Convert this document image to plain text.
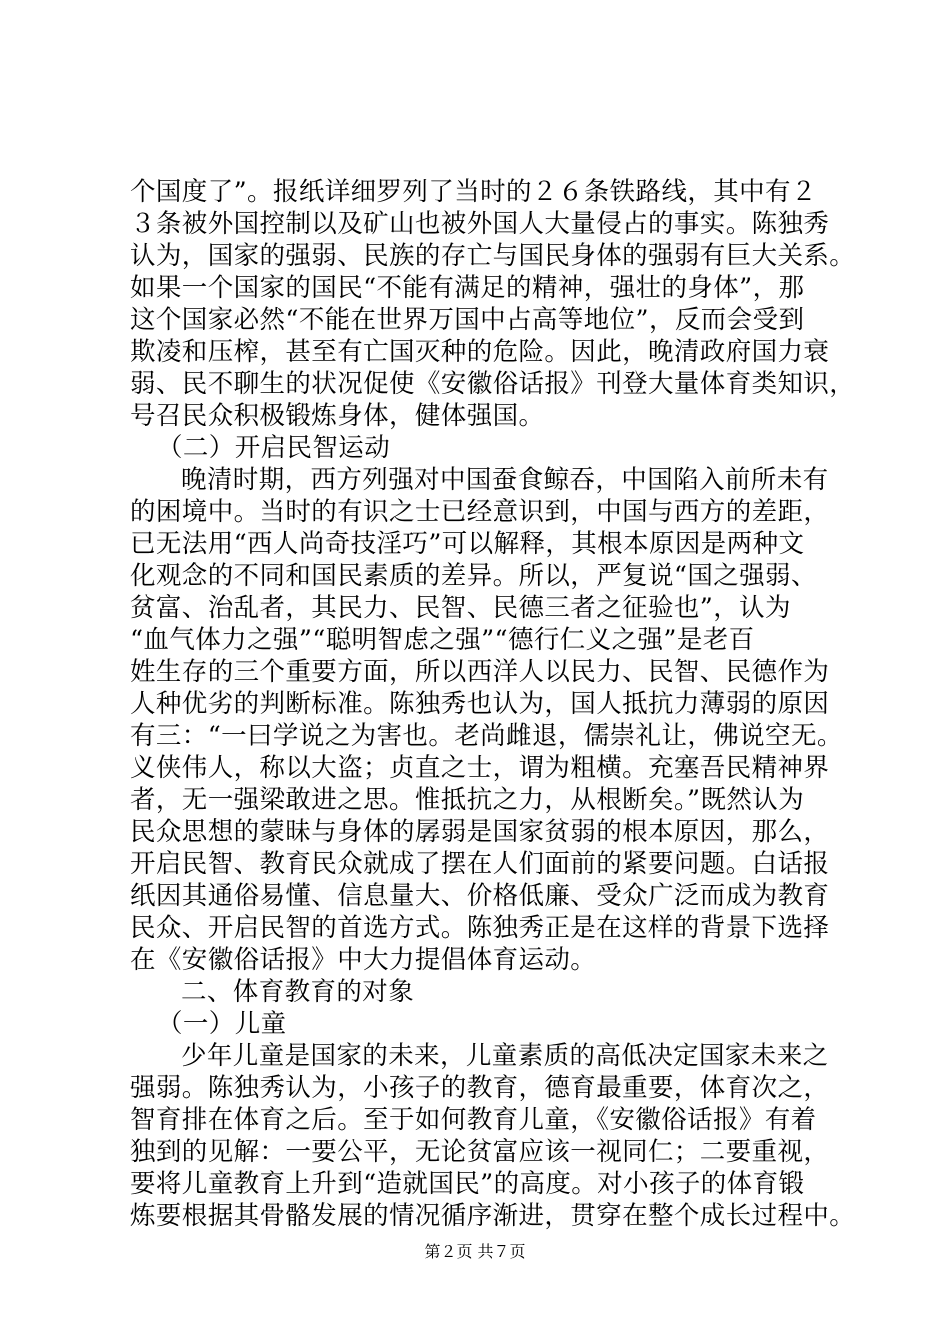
个国度了”。报纸详细罗列了当时的２６条铁路线，其中有２
３条被外国控制以及矿山也被外国人大量侵占的事实。陈独秀
认为，国家的强弱、民族的存亡与国民身体的强弱有巨大关系。
如果一个国家的国民“不能有满足的精神，强壮的身体”，那
这个国家必然“不能在世界万国中占高等地位”，反而会受到
欺凌和压榨，甚至有亡国灭种的危险。因此，晚清政府国力衰
弱、民不聊生的状况促使《安徽俗话报》刊登大量体育类知识，
号召民众积极锻炼身体，健体强国。
（二）开启民智运动
晚清时期，西方列强对中国蚕食鲸吞，中国陷入前所未有
的困境中。当时的有识之士已经意识到，中国与西方的差距，
已无法用“西人尚奇技淫巧”可以解释，其根本原因是两种文
化观念的不同和国民素质的差异。所以，严复说“国之强弱、
贫富、治乱者，其民力、民智、民德三者之征验也”，认为
“血气体力之强”“聪明智虑之强”“德行仁义之强”是老百
姓生存的三个重要方面，所以西洋人以民力、民智、民德作为
人种优劣的判断标准。陈独秀也认为，国人抵抗力薄弱的原因
有三：“一曰学说之为害也。老尚雌退，儒崇礼让，佛说空无。
义侠伟人，称以大盗；贞直之士，谓为粗横。充塞吾民精神界
者，无一强梁敢进之思。惟抵抗之力，从根断矣。”既然认为
民众思想的蒙昧与身体的孱弱是国家贫弱的根本原因，那么，
开启民智、教育民众就成了摆在人们面前的紧要问题。白话报
纸因其通俗易懂、信息量大、价格低廉、受众广泛而成为教育
民众、开启民智的首选方式。陈独秀正是在这样的背景下选择
在《安徽俗话报》中大力提倡体育运动。
二、体育教育的对象
（一）儿童
少年儿童是国家的未来，儿童素质的高低决定国家未来之
强弱。陈独秀认为，小孩子的教育，德育最重要，体育次之，
智育排在体育之后。至于如何教育儿童，《安徽俗话报》有着
独到的见解：一要公平，无论贫富应该一视同仁；二要重视，
要将儿童教育上升到“造就国民”的高度。对小孩子的体育锻
炼要根据其骨骼发展的情况循序渐进，贯穿在整个成长过程中。
第２页 共７页
